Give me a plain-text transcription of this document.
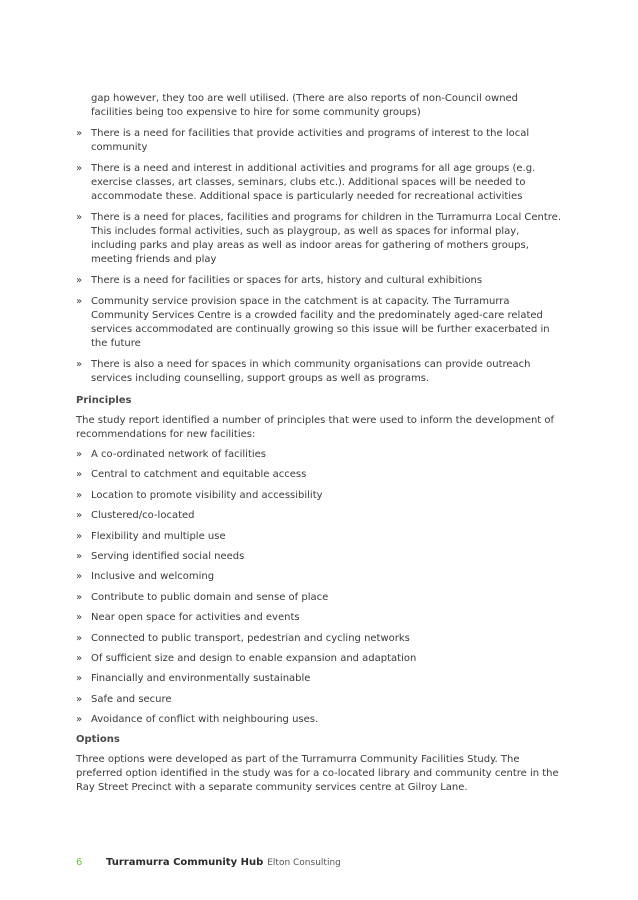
gap however, they too are well utilised. (There are also reports of non-Council owned facilities being too expensive to hire for some community groups)

» There is a need for facilities that provide activities and programs of interest to the local community
» There is a need and interest in additional activities and programs for all age groups (e.g. exercise classes, art classes, seminars, clubs etc.). Additional spaces will be needed to accommodate these. Additional space is particularly needed for recreational activities
» There is a need for places, facilities and programs for children in the Turramurra Local Centre. This includes formal activities, such as playgroup, as well as spaces for informal play, including parks and play areas as well as indoor areas for gathering of mothers groups, meeting friends and play
» There is a need for facilities or spaces for arts, history and cultural exhibitions
» Community service provision space in the catchment is at capacity. The Turramurra Community Services Centre is a crowded facility and the predominately aged-care related services accommodated are continually growing so this issue will be further exacerbated in the future
» There is also a need for spaces in which community organisations can provide outreach services including counselling, support groups as well as programs.
Principles

The study report identified a number of principles that were used to inform the development of recommendations for new facilities:

» A co-ordinated network of facilities
» Central to catchment and equitable access
» Location to promote visibility and accessibility
» Clustered/co-located
» Flexibility and multiple use
» Serving identified social needs
» Inclusive and welcoming
» Contribute to public domain and sense of place
» Near open space for activities and events
» Connected to public transport, pedestrian and cycling networks
» Of sufficient size and design to enable expansion and adaptation
» Financially and environmentally sustainable
» Safe and secure
» Avoidance of conflict with neighbouring uses.
Options

Three options were developed as part of the Turramurra Community Facilities Study. The preferred option identified in the study was for a co-located library and community centre in the Ray Street Precinct with a separate community services centre at Gilroy Lane.

6 Turramurra Community Hub Elton Consulting
